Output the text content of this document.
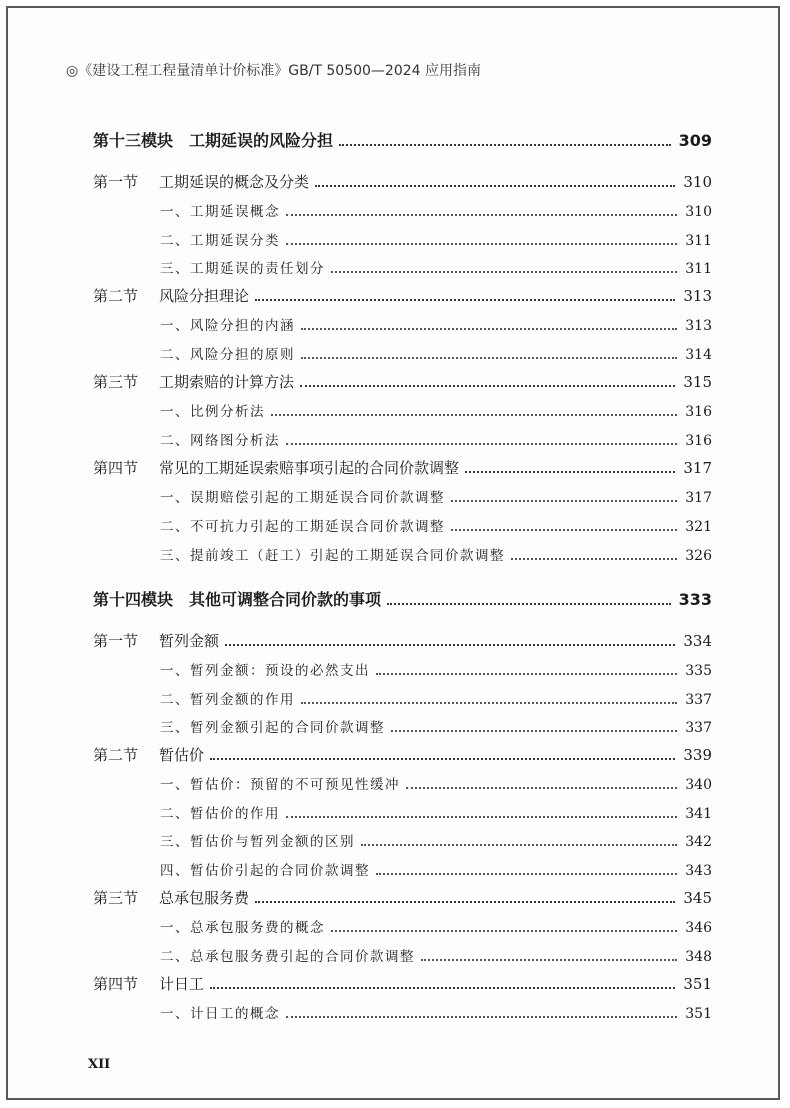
◎《建设工程工程量清单计价标准》GB/T 50500—2024 应用指南
第十三模块　工期延误的风险分担	309
第一节	工期延误的概念及分类	310
一、工期延误概念	310
二、工期延误分类	311
三、工期延误的责任划分	311
第二节	风险分担理论	313
一、风险分担的内涵	313
二、风险分担的原则	314
第三节	工期索赔的计算方法	315
一、比例分析法	316
二、网络图分析法	316
第四节	常见的工期延误索赔事项引起的合同价款调整	317
一、误期赔偿引起的工期延误合同价款调整	317
二、不可抗力引起的工期延误合同价款调整	321
三、提前竣工（赶工）引起的工期延误合同价款调整	326
第十四模块　其他可调整合同价款的事项	333
第一节	暂列金额	334
一、暂列金额：预设的必然支出	335
二、暂列金额的作用	337
三、暂列金额引起的合同价款调整	337
第二节	暂估价	339
一、暂估价：预留的不可预见性缓冲	340
二、暂估价的作用	341
三、暂估价与暂列金额的区别	342
四、暂估价引起的合同价款调整	343
第三节	总承包服务费	345
一、总承包服务费的概念	346
二、总承包服务费引起的合同价款调整	348
第四节	计日工	351
一、计日工的概念	351
XII
